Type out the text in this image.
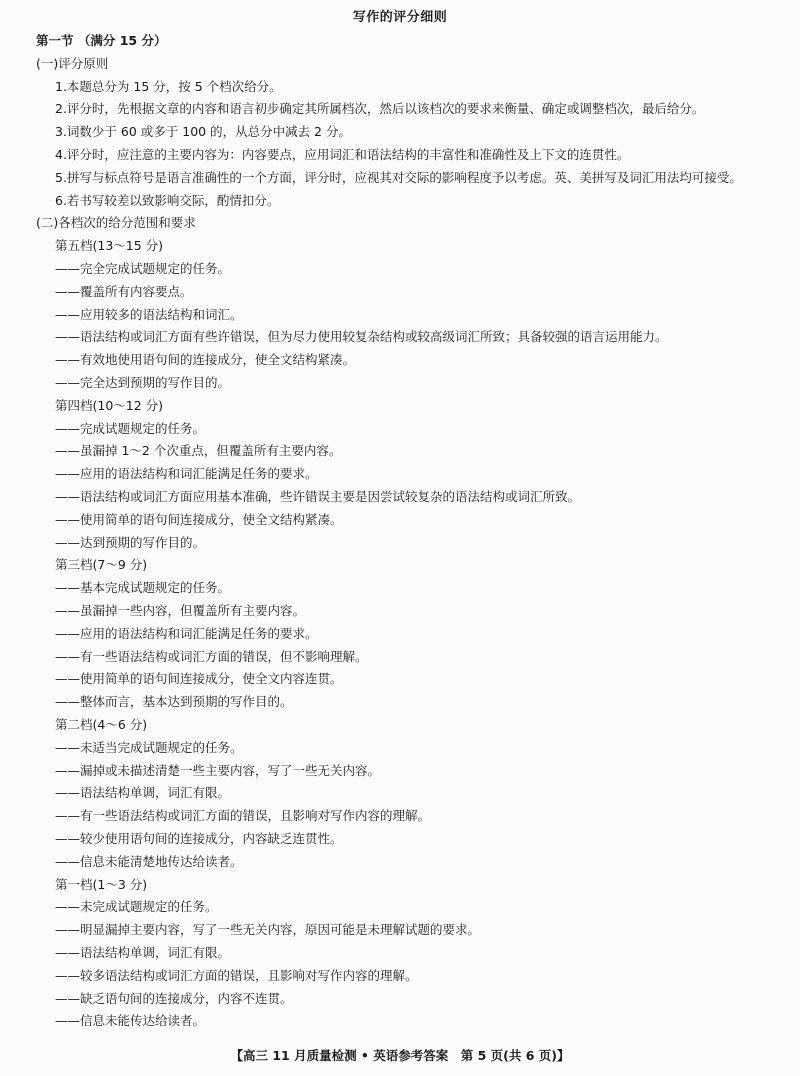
写作的评分细则
第一节 （满分 15 分）
(一)评分原则
1.本题总分为 15 分，按 5 个档次给分。
2.评分时，先根据文章的内容和语言初步确定其所属档次，然后以该档次的要求来衡量、确定或调整档次，最后给分。
3.词数少于 60 或多于 100 的，从总分中减去 2 分。
4.评分时，应注意的主要内容为：内容要点，应用词汇和语法结构的丰富性和准确性及上下文的连贯性。
5.拼写与标点符号是语言准确性的一个方面，评分时，应视其对交际的影响程度予以考虑。英、美拼写及词汇用法均可接受。
6.若书写较差以致影响交际，酌情扣分。
(二)各档次的给分范围和要求
第五档(13～15 分)
——完全完成试题规定的任务。
——覆盖所有内容要点。
——应用较多的语法结构和词汇。
——语法结构或词汇方面有些许错误，但为尽力使用较复杂结构或较高级词汇所致；具备较强的语言运用能力。
——有效地使用语句间的连接成分，使全文结构紧凑。
——完全达到预期的写作目的。
第四档(10～12 分)
——完成试题规定的任务。
——虽漏掉 1～2 个次重点，但覆盖所有主要内容。
——应用的语法结构和词汇能满足任务的要求。
——语法结构或词汇方面应用基本准确，些许错误主要是因尝试较复杂的语法结构或词汇所致。
——使用简单的语句间连接成分，使全文结构紧凑。
——达到预期的写作目的。
第三档(7～9 分)
——基本完成试题规定的任务。
——虽漏掉一些内容，但覆盖所有主要内容。
——应用的语法结构和词汇能满足任务的要求。
——有一些语法结构或词汇方面的错误，但不影响理解。
——使用简单的语句间连接成分，使全文内容连贯。
——整体而言，基本达到预期的写作目的。
第二档(4～6 分)
——未适当完成试题规定的任务。
——漏掉或未描述清楚一些主要内容，写了一些无关内容。
——语法结构单调，词汇有限。
——有一些语法结构或词汇方面的错误，且影响对写作内容的理解。
——较少使用语句间的连接成分，内容缺乏连贯性。
——信息未能清楚地传达给读者。
第一档(1～3 分)
——未完成试题规定的任务。
——明显漏掉主要内容，写了一些无关内容，原因可能是未理解试题的要求。
——语法结构单调，词汇有限。
——较多语法结构或词汇方面的错误，且影响对写作内容的理解。
——缺乏语句间的连接成分，内容不连贯。
——信息未能传达给读者。
【高三 11 月质量检测 • 英语参考答案　第 5 页(共 6 页)】
